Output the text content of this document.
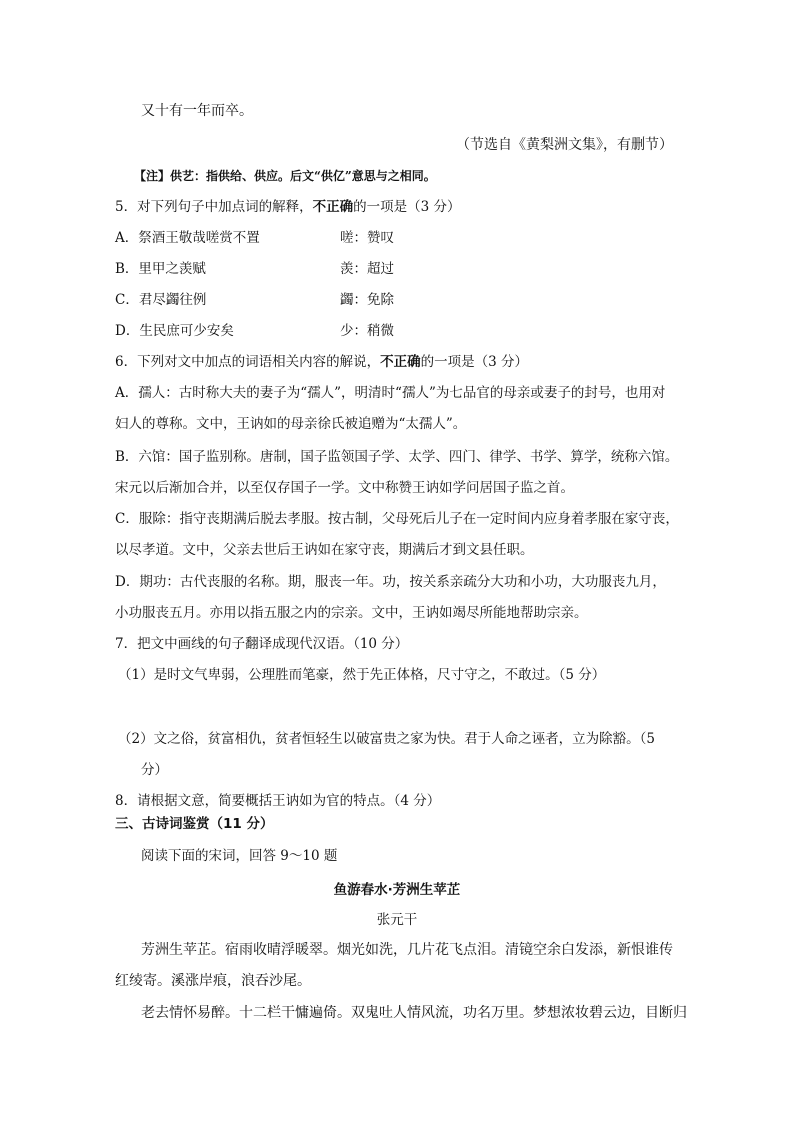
又十有一年而卒。
（节选自《黄梨洲文集》，有删节）
【注】供艺：指供给、供应。后文“供亿”意思与之相同。
5．对下列句子中加点词的解释，不正确的一项是（3 分）
A．祭酒王敬哉嗟赏不置	嗟：赞叹
B．里甲之羡赋	羡：超过
C．君尽蠲往例	蠲：免除
D．生民庶可少安矣	少：稍微
6．下列对文中加点的词语相关内容的解说，不正确的一项是（3 分）
A．孺人：古时称大夫的妻子为“孺人”，明清时“孺人”为七品官的母亲或妻子的封号，也用对
妇人的尊称。文中，王讷如的母亲徐氏被追赠为“太孺人”。
B．六馆：国子监别称。唐制，国子监领国子学、太学、四门、律学、书学、算学，统称六馆。
宋元以后渐加合并，以至仅存国子一学。文中称赞王讷如学问居国子监之首。
C．服除：指守丧期满后脱去孝服。按古制，父母死后儿子在一定时间内应身着孝服在家守丧，
以尽孝道。文中，父亲去世后王讷如在家守丧，期满后才到文县任职。
D．期功：古代丧服的名称。期，服丧一年。功，按关系亲疏分大功和小功，大功服丧九月，
小功服丧五月。亦用以指五服之内的宗亲。文中，王讷如竭尽所能地帮助宗亲。
7．把文中画线的句子翻译成现代汉语。（10 分）
（1）是时文气卑弱，公理胜而笔豪，然于先正体格，尺寸守之，不敢过。（5 分）
（2）文之俗，贫富相仇，贫者恒轻生以破富贵之家为快。君于人命之诬者，立为除豁。（5
分）
8．请根据文意，简要概括王讷如为官的特点。（4 分）
三、古诗词鉴赏（11 分）
阅读下面的宋词，回答 9～10 题
鱼游春水·芳洲生苹芷
张元干
芳洲生苹芷。宿雨收晴浮暖翠。烟光如洗，几片花飞点泪。清镜空余白发添，新恨谁传
红绫寄。溪涨岸痕，浪吞沙尾。
老去情怀易醉。十二栏干慵遍倚。双鬼吐人情风流，功名万里。梦想浓妆碧云边，目断归
